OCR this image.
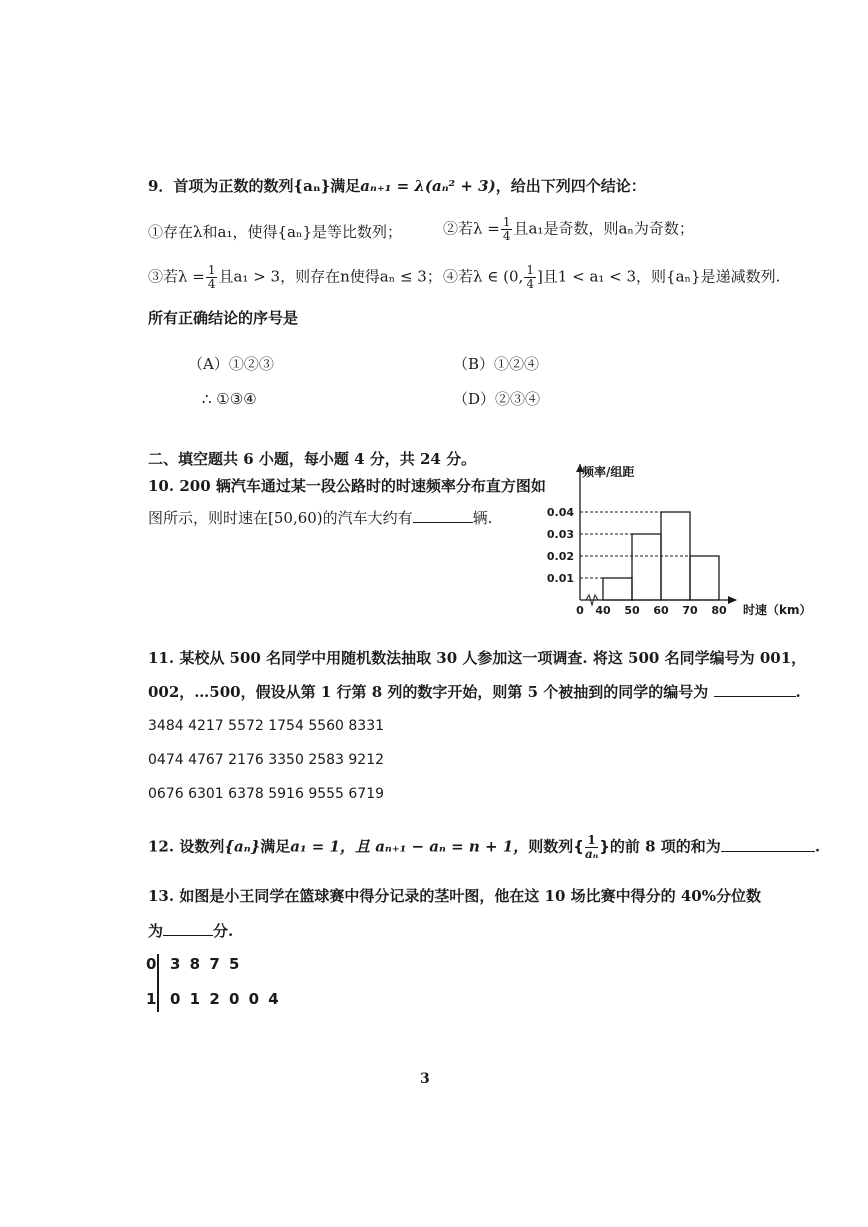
9．首项为正数的数列{aₙ}满足aₙ₊₁ = λ(aₙ² + 3)，给出下列四个结论：
①存在λ和a₁，使得{aₙ}是等比数列；	②若$\lambda = \frac{1}{4}$ 且a₁是奇数，则aₙ为奇数；
③若$\lambda = \frac{1}{4}$ 且a₁ > 3，则存在n使得aₙ ≤ 3； ④若λ ∈ (0, $\frac{1}{4}$ ]且1 < a₁ < 3，则{aₙ}是递减数列.
所有正确结论的序号是
（A）①②③	（B）①②④
∴ ①③④	（D）②③④
二、填空题共 6 小题，每小题 4 分，共 24 分。
10. 200 辆汽车通过某一段公路时的时速频率分布直方图如
图所示，则时速在[50,60)的汽车大约有	辆.	0.04
0.03
0.02
0.01
0 40 50 60 70 80
频率/组距
时速（km）
11. 某校从 500 名同学中用随机数法抽取 30 人参加这一项调查. 将这 500 名同学编号为 001，
002，…500，假设从第 1 行第 8 列的数字开始，则第 5 个被抽到的同学的编号为	.
3484 4217 5572 1754 5560 8331
0474 4767 2176 3350 2583 9212
0676 6301 6378 5916 9555 6719
12. 设数列{aₙ}满足a₁ = 1，且 aₙ₊₁ − aₙ = n + 1，则数列{ $\frac{1}{\text{aₙ}}$ }的前 8 项的和为	.
13. 如图是小王同学在篮球赛中得分记录的茎叶图，他在这 10 场比赛中得分的 40%分位数
为	分.
0 3 8 7 5
1 0 1 2 0 0 4
3
